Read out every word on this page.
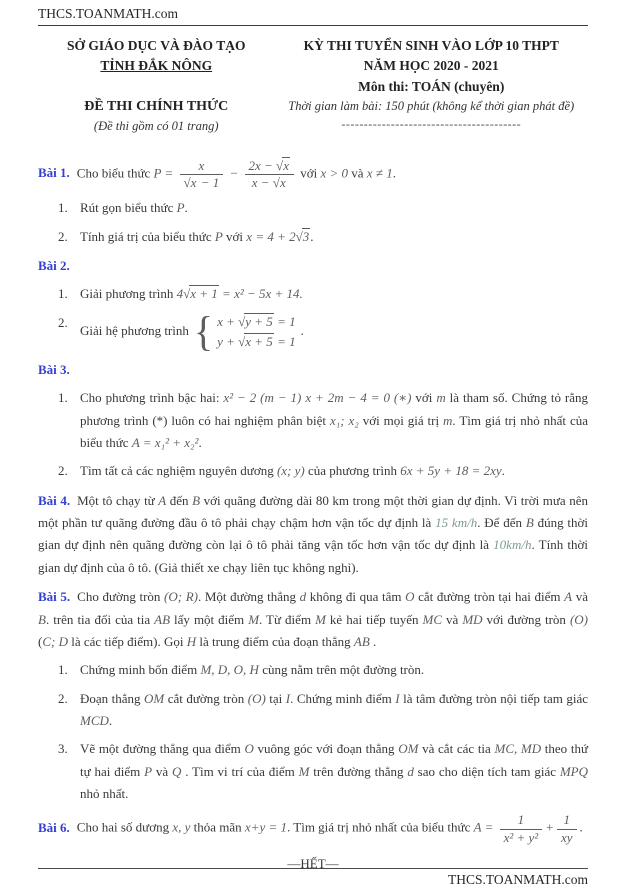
THCS.TOANMATH.com
SỞ GIÁO DỤC VÀ ĐÀO TẠO
TỈNH ĐẮK NÔNG
ĐỀ THI CHÍNH THỨC
(Đề thi gồm có 01 trang)
KỲ THI TUYỂN SINH VÀO LỚP 10 THPT
NĂM HỌC 2020 - 2021
Môn thi: TOÁN (chuyên)
Thời gian làm bài: 150 phút (không kể thời gian phát đề)
----------------------------------------

Bài 1. Cho biểu thức $P = \frac{x}{√x - 1} - \frac{2x - √x}{x - √x}$ với x > 0 và x ≠ 1.

1. Rút gọn biểu thức P.
2. Tính giá trị của biểu thức P với x = 4 + 2√3.

Bài 2.

1. Giải phương trình 4√x + 1 = x² − 5x + 14.
2.
Giải hệ phương trình { x + √y + 5 = 1
y + √x + 5 = 1
.

Bài 3.

1. Cho phương trình bậc hai: x² − 2 (m − 1) x + 2m − 4 = 0 (∗) với m là tham số. Chứng tỏ rằng phương trình (*) luôn có hai nghiệm phân biệt x₁; x₂ với mọi giá trị m. Tìm giá trị nhỏ nhất của biểu thức A = x₁² + x₂².
2. Tìm tất cả các nghiệm nguyên dương (x; y) của phương trình 6x + 5y + 18 = 2xy.

Bài 4. Một tô chạy từ A đến B với quãng đường dài 80 km trong một thời gian dự định. Vì trời mưa nên một phần tư quãng đường đầu ô tô phải chạy chậm hơn vận tốc dự định là 15 km/h. Để đến B đúng thời gian dự định nên quãng đường còn lại ô tô phải tăng vận tốc hơn vận tốc dự định là 10km/h. Tính thời gian dự định của ô tô. (Giả thiết xe chạy liên tục không nghỉ).

Bài 5. Cho đường tròn (O; R). Một đường thẳng d không đi qua tâm O cắt đường tròn tại hai điểm A và B. trên tia đối của tia AB lấy một điểm M. Từ điểm M kẻ hai tiếp tuyến MC và MD với đường tròn (O) (C; D là các tiếp điểm). Gọi H là trung điểm của đoạn thẳng AB .

1. Chứng minh bốn điểm M, D, O, H cùng nằm trên một đường tròn.
2. Đoạn thẳng OM cắt đường tròn (O) tại I. Chứng minh điểm I là tâm đường tròn nội tiếp tam giác MCD.
3. Vẽ một đường thẳng qua điểm O vuông góc với đoạn thẳng OM và cắt các tia MC, MD theo thứ tự hai điểm P và Q . Tìm vi trí của điểm M trên đường thẳng d sao cho diện tích tam giác MPQ nhỏ nhất.

Bài 6. Cho hai số dương x, y thỏa mãn x+y = 1. Tìm giá trị nhỏ nhất của biểu thức $A = \frac{1}{\text{x² + y²}} + \frac{1}{xy}$ .

—HẾT—
THCS.TOANMATH.com
